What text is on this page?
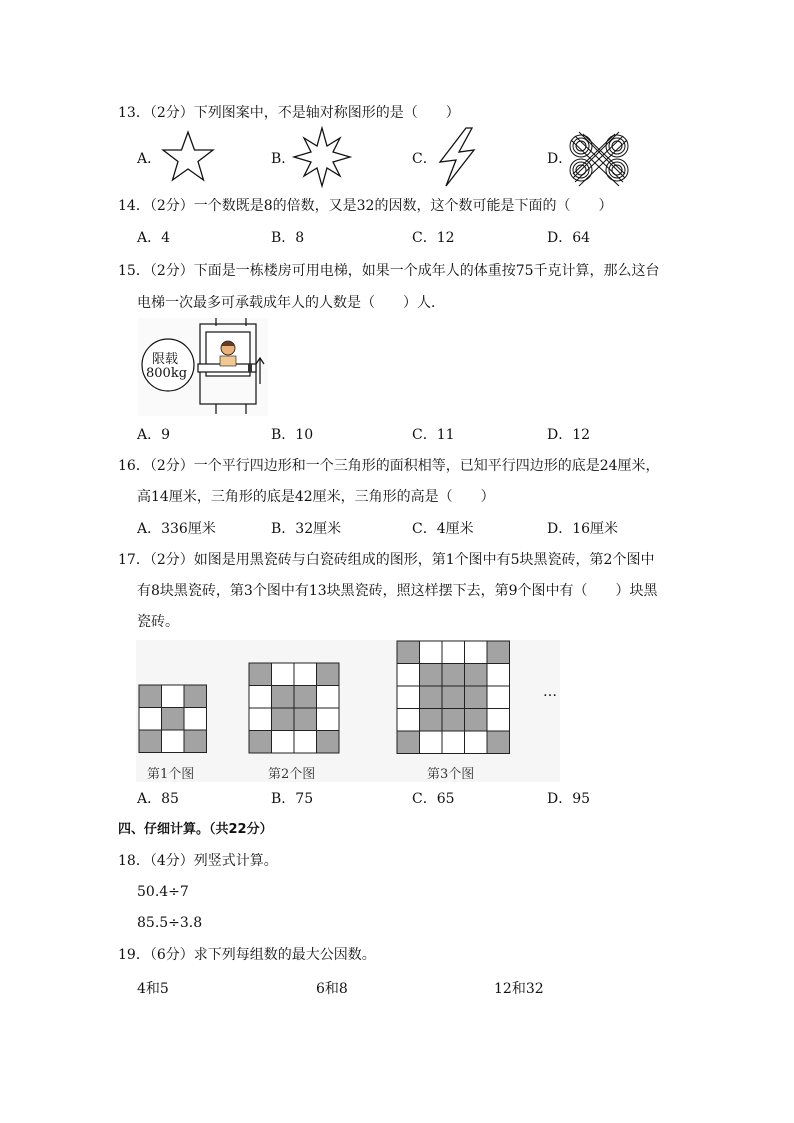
13．（2分）下列图案中，不是轴对称图形的是（　　）
A．	B．	C．	D．
14．（2分）一个数既是8的倍数，又是32的因数，这个数可能是下面的（　　）
A．4	B．8	C．12	D．64
15．（2分）下面是一栋楼房可用电梯，如果一个成年人的体重按75千克计算，那么这台
电梯一次最多可承载成年人的人数是（　　）人．
限载
800kg
A．9	B．10	C．11	D．12
16．（2分）一个平行四边形和一个三角形的面积相等，已知平行四边形的底是24厘米，
高14厘米，三角形的底是42厘米，三角形的高是（　　）
A．336厘米	B．32厘米	C．4厘米	D．16厘米
17．（2分）如图是用黑瓷砖与白瓷砖组成的图形，第1个图中有5块黑瓷砖，第2个图中
有8块黑瓷砖，第3个图中有13块黑瓷砖，照这样摆下去，第9个图中有（　　）块黑
瓷砖。
…
第1个图	第2个图	第3个图
A．85	B．75	C．65	D．95
四、仔细计算。（共22分）
18．（4分）列竖式计算。
50.4÷7
85.5÷3.8
19．（6分）求下列每组数的最大公因数。
4和5	6和8	12和32
